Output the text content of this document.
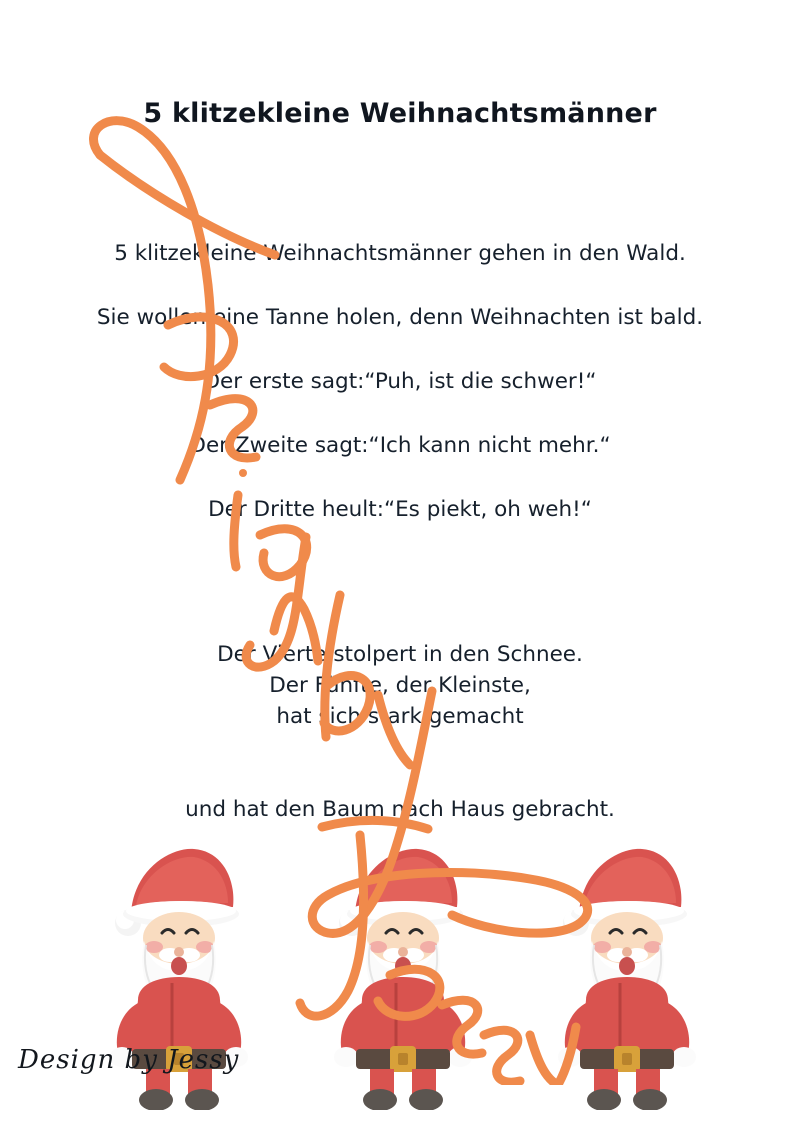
5 klitzekleine Weihnachtsmänner
5 klitzekleine Weihnachtsmänner gehen in den Wald.
Sie wollen eine Tanne holen, denn Weihnachten ist bald.
Der erste sagt:“Puh, ist die schwer!“
Der Zweite sagt:“Ich kann nicht mehr.“
Der Dritte heult:“Es piekt, oh weh!“
Der Vierte stolpert in den Schnee.
Der Fünfte, der Kleinste,
hat sich stark gemacht
und hat den Baum nach Haus gebracht.
Design by Jessy
